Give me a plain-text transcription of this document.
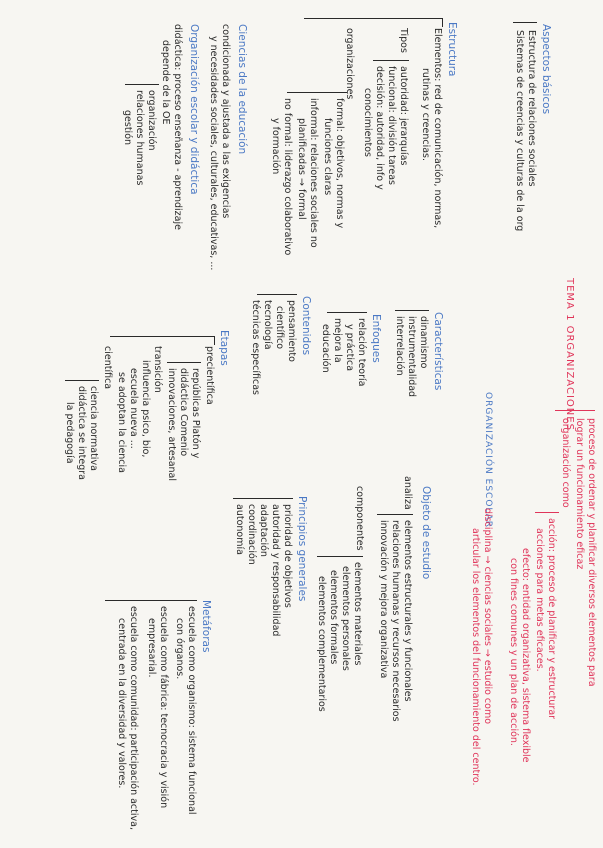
TEMA 1 ORGANIZACIONES
proceso de ordenar y planificar diversos elementos para
lograr un funcionamiento eficaz
organización como
acción: proceso de planificar y estructurar
acciones para metas eficaces.
efecto: entidad organizativa, sistema flexible
con fines comunes y un plan de acción.
ORGANIZACIÓN ESCOLAR
disciplina → ciencias sociales → estudio como
articular los elementos del funcionamiento del centro.
Aspectos básicos
Estructura de relaciones sociales
Sistemas de creencias y culturas de la org
Estructura
Elementos: red de comunicación, normas,
rutinas y creencias.
Tipos
autoridad: jerarquías
funcional: división tareas
decisión: autoridad, info y
conocimientos
organizaciones
formal: objetivos, normas y
funciones claras
informal: relaciones sociales no
planificadas → formal
no formal: liderazgo colaborativo
y formación
Ciencias de la educación
condicionada y ajustada a las exigencias
y necesidades sociales, culturales, educativas, ...
Organización escolar y didáctica
didáctica: proceso enseñanza - aprendizaje
depende de la OE
organización
relaciones humanas
gestión
Características
dinamismo
instrumentalidad
interrelación
Enfoques
relación teoría
y práctica
mejora la
educación
Contenidos
pensamiento
científico
tecnología
técnicas específicas
Etapas
precientífica
repúblicas Platón y
didáctica Comenio
innovaciones, artesanal
transición
influencia psico, bio,
escuela nueva ...
se adoptan la ciencia
científica
ciencia normativa
didáctica se integra
la pedagogía
Objeto de estudio
analiza
elementos estructurales y funcionales
relaciones humanas y recursos necesarios
innovación y mejora organizativa
componentes
elementos materiales
elementos personales
elementos formales
elementos complementarios
Principios generales
prioridad de objetivos
autoridad y responsabilidad
adaptación
coordinación
autonomía
Metáforas
escuela como organismo: sistema funcional
con órganos.
escuela como fábrica: tecnocracia y visión
empresarial.
escuela como comunidad: participación activa,
centrada en la diversidad y valores.
